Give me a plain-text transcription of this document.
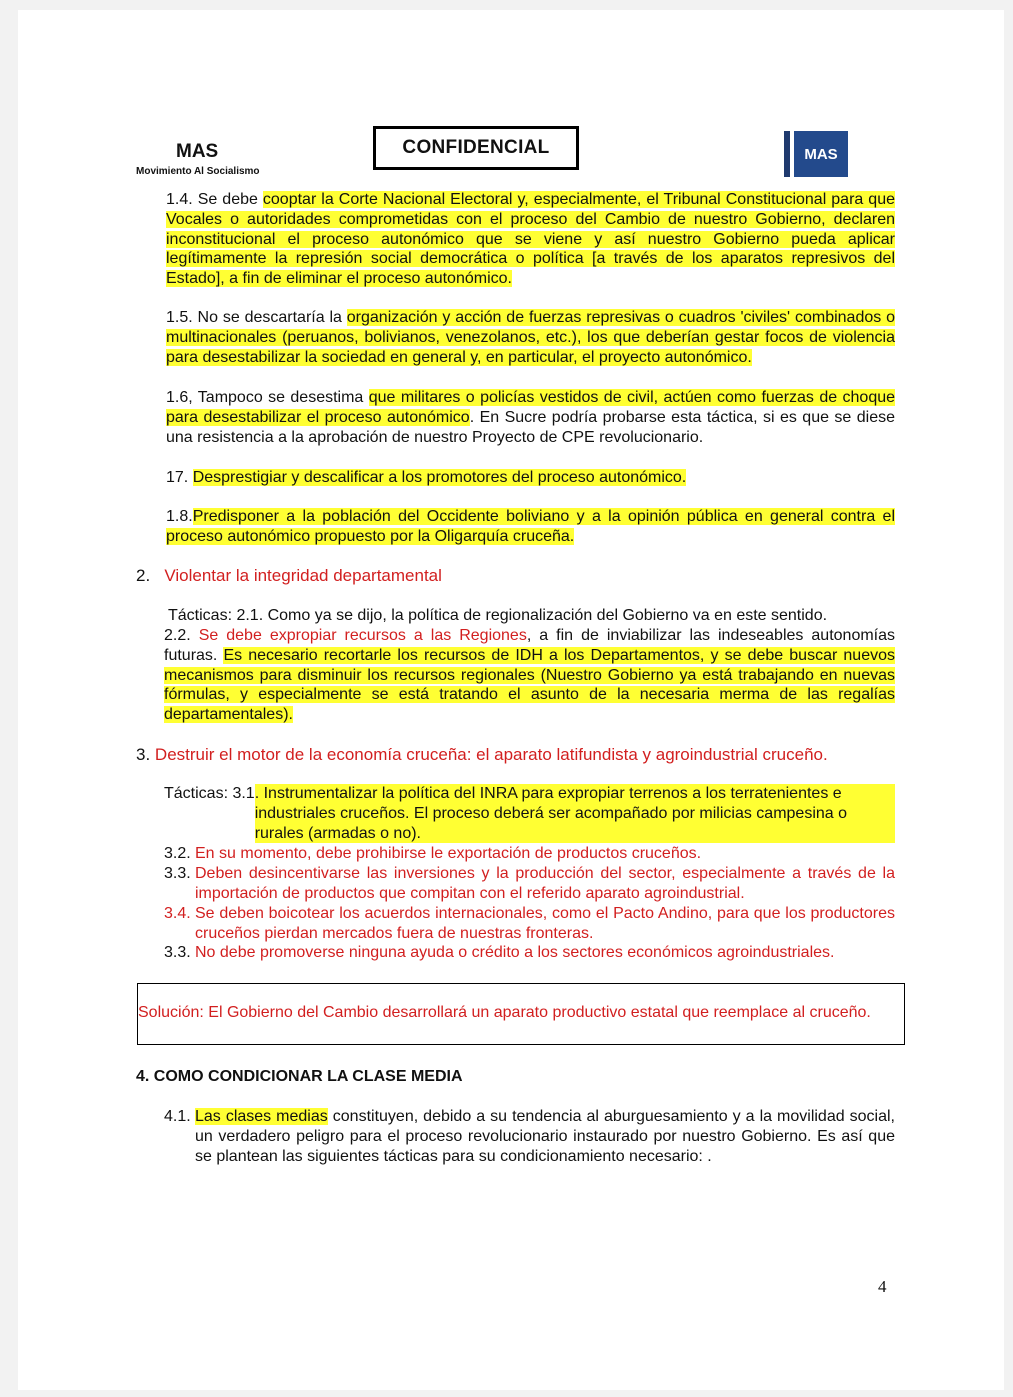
MAS
Movimiento Al Socialismo
CONFIDENCIAL	MAS
1.4. Se debe cooptar la Corte Nacional Electoral y, especialmente, el Tribunal Constitucional para que Vocales o autoridades comprometidas con el proceso del Cambio de nuestro Gobierno, declaren inconstitucional el proceso autonómico que se viene y así nuestro Gobierno pueda aplicar legítimamente la represión social democrática o política [a través de los aparatos represivos del Estado], a fin de eliminar el proceso autonómico.
1.5. No se descartaría la organización y acción de fuerzas represivas o cuadros 'civiles' combinados o multinacionales (peruanos, bolivianos, venezolanos, etc.), los que deberían gestar focos de violencia para desestabilizar la sociedad en general y, en particular, el proyecto autonómico.
1.6, Tampoco se desestima que militares o policías vestidos de civil, actúen como fuerzas de choque para desestabilizar el proceso autonómico. En Sucre podría probarse esta táctica, si es que se diese una resistencia a la aprobación de nuestro Proyecto de CPE revolucionario.
17. Desprestigiar y descalificar a los promotores del proceso autonómico.
1.8.Predisponer a la población del Occidente boliviano y a la opinión pública en general contra el proceso autonómico propuesto por la Oligarquía cruceña.
2. Violentar la integridad departamental
Tácticas: 2.1. Como ya se dijo, la política de regionalización del Gobierno va en este sentido.
2.2. Se debe expropiar recursos a las Regiones, a fin de inviabilizar las indeseables autonomías futuras. Es necesario recortarle los recursos de IDH a los Departamentos, y se debe buscar nuevos mecanismos para disminuir los recursos regionales (Nuestro Gobierno ya está trabajando en nuevas fórmulas, y especialmente se está tratando el asunto de la necesaria merma de las regalías departamentales).
3. Destruir el motor de la economía cruceña: el aparato latifundista y agroindustrial cruceño.
Tácticas: 3.1 . Instrumentalizar la política del INRA para expropiar terrenos a los terratenientes e industriales cruceños. El proceso deberá ser acompañado por milicias campesina o rurales (armadas o no).
3.2. En su momento, debe prohibirse le exportación de productos cruceños.
3.3. Deben desincentivarse las inversiones y la producción del sector, especialmente a través de la importación de productos que compitan con el referido aparato agroindustrial.
3.4. Se deben boicotear los acuerdos internacionales, como el Pacto Andino, para que los productores cruceños pierdan mercados fuera de nuestras fronteras.
3.3. No debe promoverse ninguna ayuda o crédito a los sectores económicos agroindustriales.
Solución: El Gobierno del Cambio desarrollará un aparato productivo estatal que reemplace al cruceño.
4. COMO CONDICIONAR LA CLASE MEDIA
4.1. Las clases medias constituyen, debido a su tendencia al aburguesamiento y a la movilidad social, un verdadero peligro para el proceso revolucionario instaurado por nuestro Gobierno. Es así que se plantean las siguientes tácticas para su condicionamiento necesario: .
4
